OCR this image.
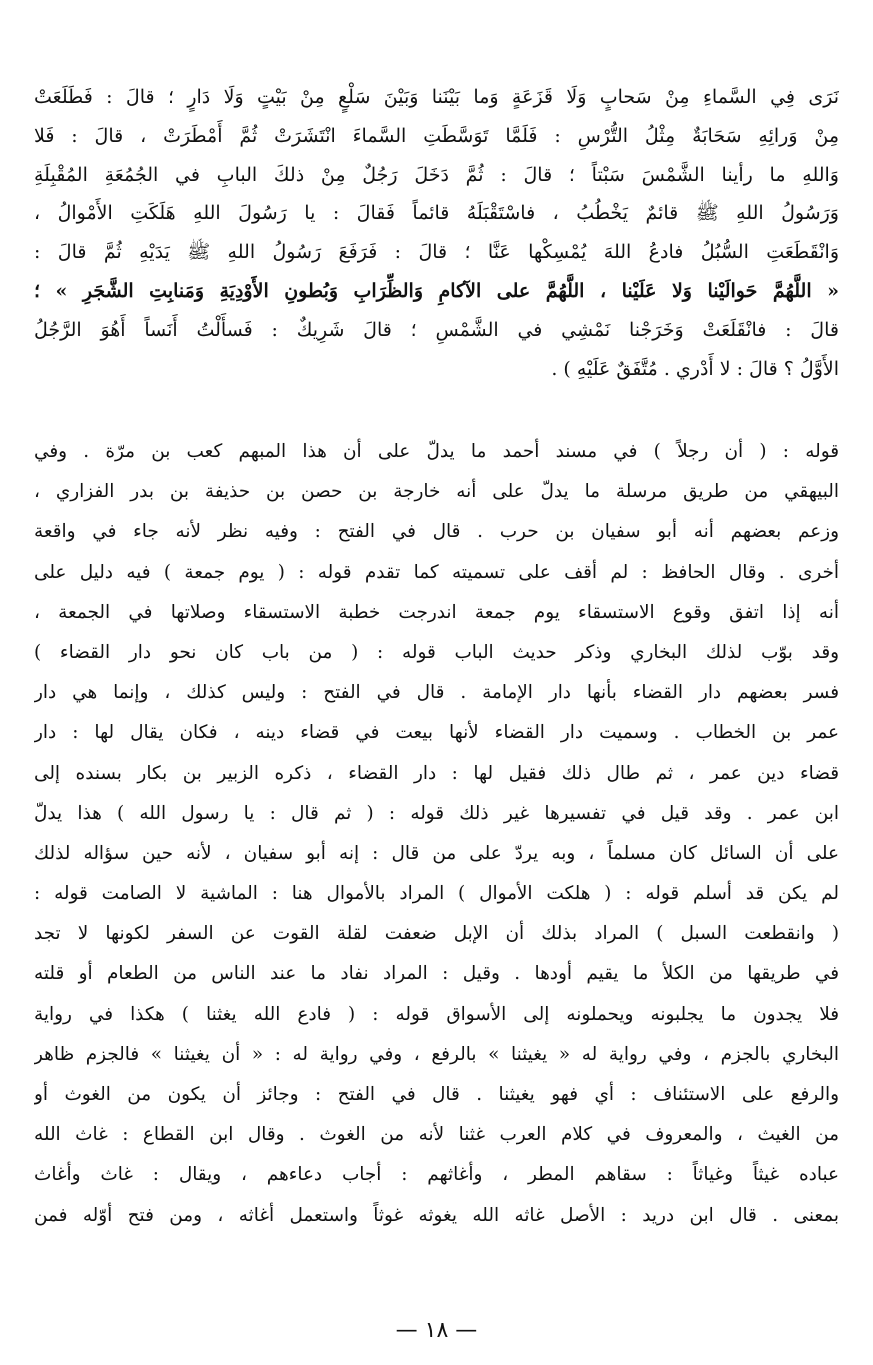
نَرَى فِي السَّماءِ مِنْ سَحابٍ وَلَا قَزَعَةٍ وَما بَيْنَنا وَبَيْنَ سَلْعٍ مِنْ بَيْتٍ وَلَا دَارٍ ؛ قالَ : فَطَلَعَتْ
مِنْ وَرائِهِ سَحَابَةٌ مِثْلُ التُّرْسِ : فَلَمَّا تَوَسَّطَتِ السَّماءَ انْتَشَرَتْ ثُمَّ أَمْطَرَتْ ، قالَ : فَلا
وَاللهِ ما رأينا الشَّمْسَ سَبْتاً ؛ قالَ : ثُمَّ دَخَلَ رَجُلٌ مِنْ ذلكَ البابِ في الجُمُعَةِ المُقْبِلَةِ
وَرَسُولُ اللهِ ﷺ قائمٌ يَخْطُبُ ، فاسْتَقْبَلَهُ قائماً فَقالَ : يا رَسُولَ اللهِ هَلَكَتِ الأَمْوالُ ،
وَانْقَطَعَتِ السُّبُلُ فادعُ اللهَ يُمْسِكْها عَنَّا ؛ قالَ : فَرَفَعَ رَسُولُ اللهِ ﷺ يَدَيْهِ ثُمَّ قالَ :
« اللَّهُمَّ حَوالَيْنا وَلا عَلَيْنا ، اللَّهُمَّ على الآكامِ وَالظِّرَابِ وَبُطونِ الأَوْدِيَةِ وَمَنابِتِ الشَّجَرِ » ؛
قالَ : فانْقَلَعَتْ وَخَرَجْنا نَمْشِي في الشَّمْسِ ؛ قالَ شَرِيكٌ : فَسأَلْتُ أَنَساً أَهُوَ الرَّجُلُ
الأَوَّلُ ؟ قالَ : لا أَدْري . مُتَّفَقٌ عَلَيْهِ ) .
قوله : ( أن رجلاً ) في مسند أحمد ما يدلّ على أن هذا المبهم كعب بن مرّة . وفي
البيهقي من طريق مرسلة ما يدلّ على أنه خارجة بن حصن بن حذيفة بن بدر الفزاري ،
وزعم بعضهم أنه أبو سفيان بن حرب . قال في الفتح : وفيه نظر لأنه جاء في واقعة
أخرى . وقال الحافظ : لم أقف على تسميته كما تقدم قوله : ( يوم جمعة ) فيه دليل على
أنه إذا اتفق وقوع الاستسقاء يوم جمعة اندرجت خطبة الاستسقاء وصلاتها في الجمعة ،
وقد بوّب لذلك البخاري وذكر حديث الباب قوله : ( من باب كان نحو دار القضاء )
فسر بعضهم دار القضاء بأنها دار الإمامة . قال في الفتح : وليس كذلك ، وإنما هي دار
عمر بن الخطاب . وسميت دار القضاء لأنها بيعت في قضاء دينه ، فكان يقال لها : دار
قضاء دين عمر ، ثم طال ذلك فقيل لها : دار القضاء ، ذكره الزبير بن بكار بسنده إلى
ابن عمر . وقد قيل في تفسيرها غير ذلك قوله : ( ثم قال : يا رسول الله ) هذا يدلّ
على أن السائل كان مسلماً ، وبه يردّ على من قال : إنه أبو سفيان ، لأنه حين سؤاله لذلك
لم يكن قد أسلم قوله : ( هلكت الأموال ) المراد بالأموال هنا : الماشية لا الصامت قوله :
( وانقطعت السبل ) المراد بذلك أن الإبل ضعفت لقلة القوت عن السفر لكونها لا تجد
في طريقها من الكلأ ما يقيم أودها . وقيل : المراد نفاد ما عند الناس من الطعام أو قلته
فلا يجدون ما يجلبونه ويحملونه إلى الأسواق قوله : ( فادع الله يغثنا ) هكذا في رواية
البخاري بالجزم ، وفي رواية له « يغيثنا » بالرفع ، وفي رواية له : « أن يغيثنا » فالجزم ظاهر
والرفع على الاستئناف : أي فهو يغيثنا . قال في الفتح : وجائز أن يكون من الغوث أو
من الغيث ، والمعروف في كلام العرب غثنا لأنه من الغوث . وقال ابن القطاع : غاث الله
عباده غيثاً وغياثاً : سقاهم المطر ، وأغاثهم : أجاب دعاءهم ، ويقال : غاث وأغاث
بمعنى . قال ابن دريد : الأصل غاثه الله يغوثه غوثاً واستعمل أغاثه ، ومن فتح أوّله فمن
— ١٨ —
